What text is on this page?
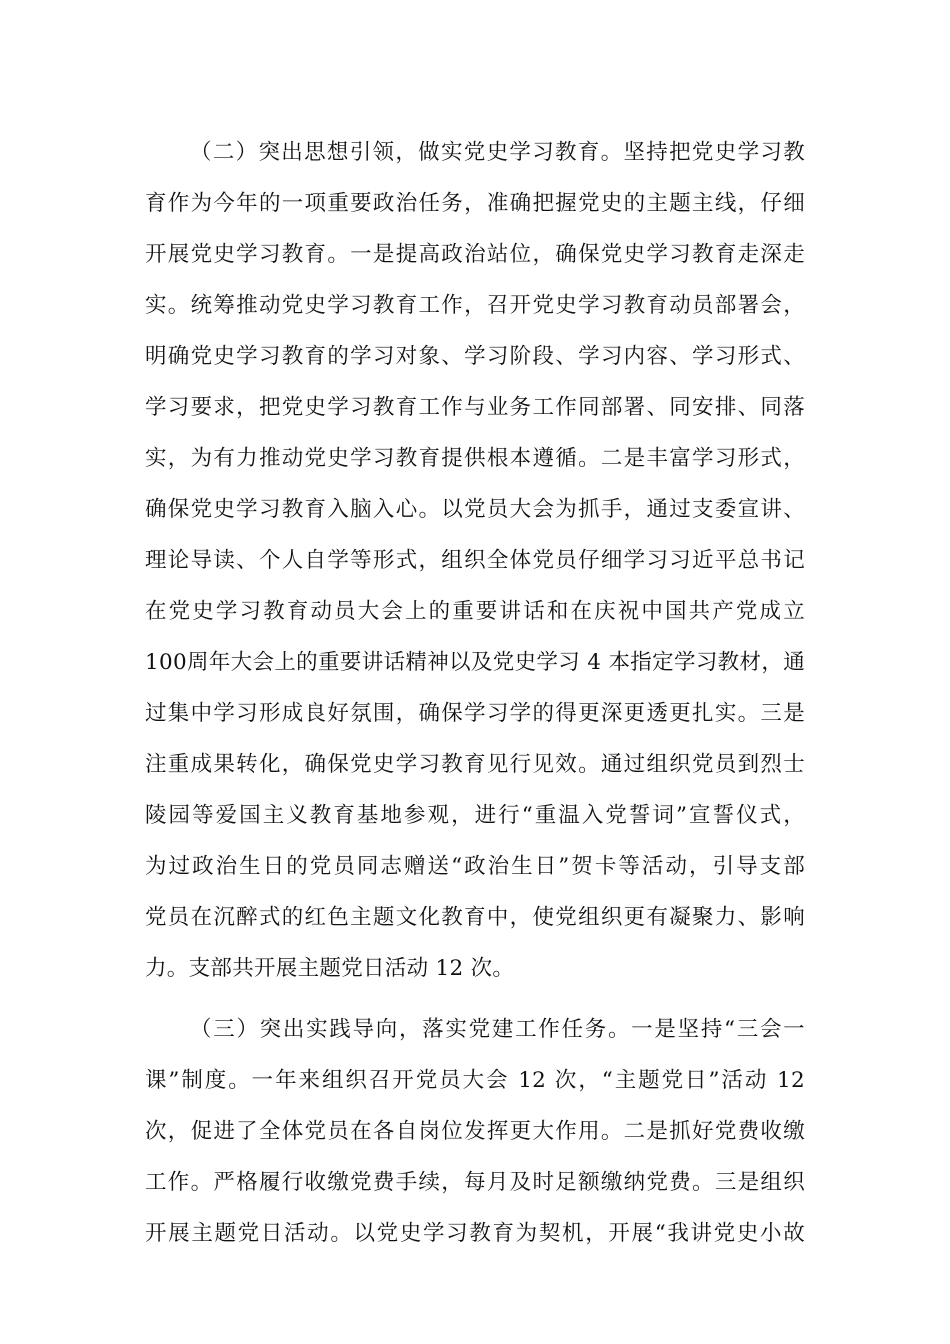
（二）突出思想引领，做实党史学习教育。坚持把党史学习教
育作为今年的一项重要政治任务，准确把握党史的主题主线，仔细
开展党史学习教育。一是提高政治站位，确保党史学习教育走深走
实。统筹推动党史学习教育工作，召开党史学习教育动员部署会，
明确党史学习教育的学习对象、学习阶段、学习内容、学习形式、
学习要求，把党史学习教育工作与业务工作同部署、同安排、同落
实，为有力推动党史学习教育提供根本遵循。二是丰富学习形式，
确保党史学习教育入脑入心。以党员大会为抓手，通过支委宣讲、
理论导读、个人自学等形式，组织全体党员仔细学习习近平总书记
在党史学习教育动员大会上的重要讲话和在庆祝中国共产党成立
100周年大会上的重要讲话精神以及党史学习 4 本指定学习教材，通
过集中学习形成良好氛围，确保学习学的得更深更透更扎实。三是
注重成果转化，确保党史学习教育见行见效。通过组织党员到烈士
陵园等爱国主义教育基地参观，进行“重温入党誓词”宣誓仪式，
为过政治生日的党员同志赠送“政治生日”贺卡等活动，引导支部
党员在沉醉式的红色主题文化教育中，使党组织更有凝聚力、影响
力。支部共开展主题党日活动 12 次。
（三）突出实践导向，落实党建工作任务。一是坚持“三会一
课”制度。一年来组织召开党员大会 12 次，“主题党日”活动 12
次，促进了全体党员在各自岗位发挥更大作用。二是抓好党费收缴
工作。严格履行收缴党费手续，每月及时足额缴纳党费。三是组织
开展主题党日活动。以党史学习教育为契机，开展“我讲党史小故
